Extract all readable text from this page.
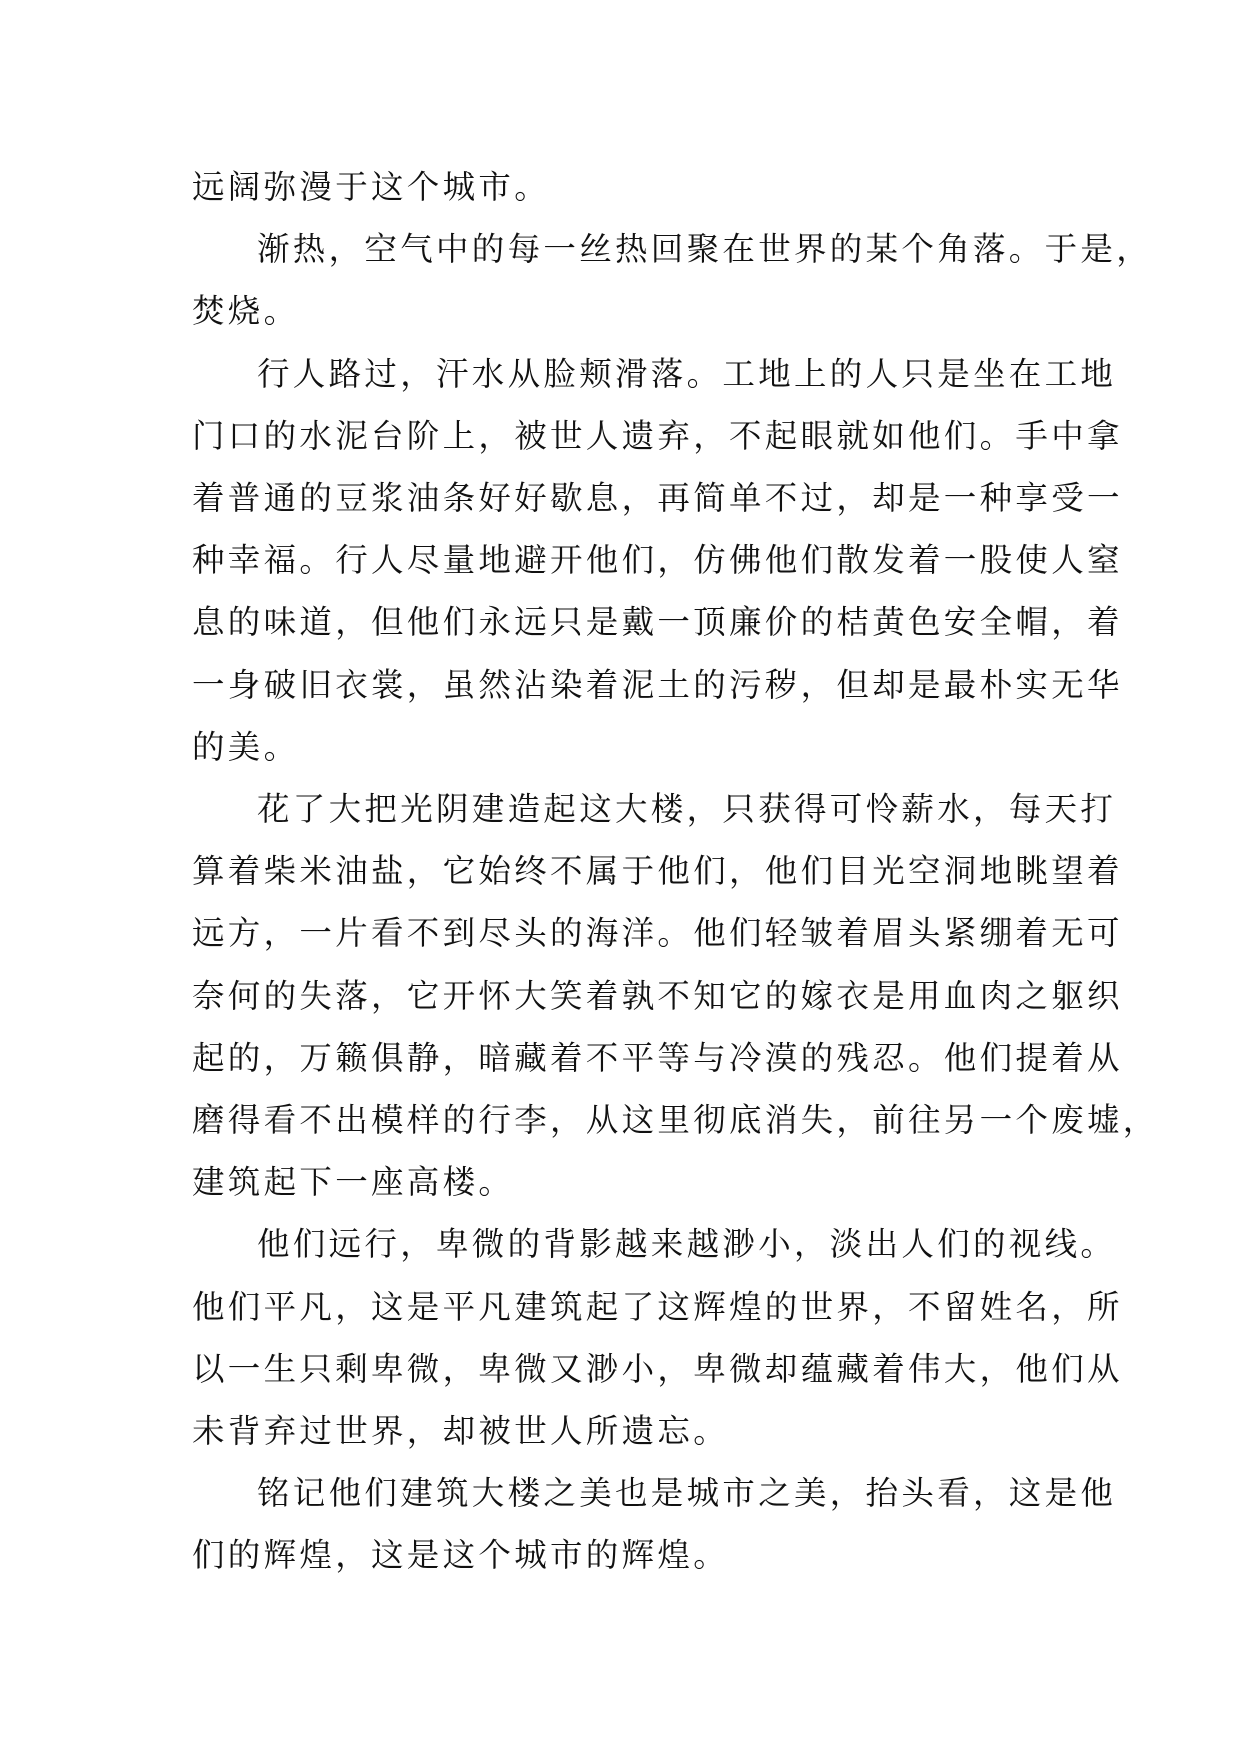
远阔弥漫于这个城市。

渐热，空气中的每一丝热回聚在世界的某个角落。于是，
焚烧。

行人路过，汗水从脸颊滑落。工地上的人只是坐在工地
门口的水泥台阶上，被世人遗弃，不起眼就如他们。手中拿
着普通的豆浆油条好好歇息，再简单不过，却是一种享受一
种幸福。行人尽量地避开他们，仿佛他们散发着一股使人窒
息的味道，但他们永远只是戴一顶廉价的桔黄色安全帽，着
一身破旧衣裳，虽然沾染着泥土的污秽，但却是最朴实无华
的美。

花了大把光阴建造起这大楼，只获得可怜薪水，每天打
算着柴米油盐，它始终不属于他们，他们目光空洞地眺望着
远方，一片看不到尽头的海洋。他们轻皱着眉头紧绷着无可
奈何的失落，它开怀大笑着孰不知它的嫁衣是用血肉之躯织
起的，万籁俱静，暗藏着不平等与冷漠的残忍。他们提着从
磨得看不出模样的行李，从这里彻底消失，前往另一个废墟，
建筑起下一座高楼。

他们远行，卑微的背影越来越渺小，淡出人们的视线。
他们平凡，这是平凡建筑起了这辉煌的世界，不留姓名，所
以一生只剩卑微，卑微又渺小，卑微却蕴藏着伟大，他们从
未背弃过世界，却被世人所遗忘。

铭记他们建筑大楼之美也是城市之美，抬头看，这是他
们的辉煌，这是这个城市的辉煌。
